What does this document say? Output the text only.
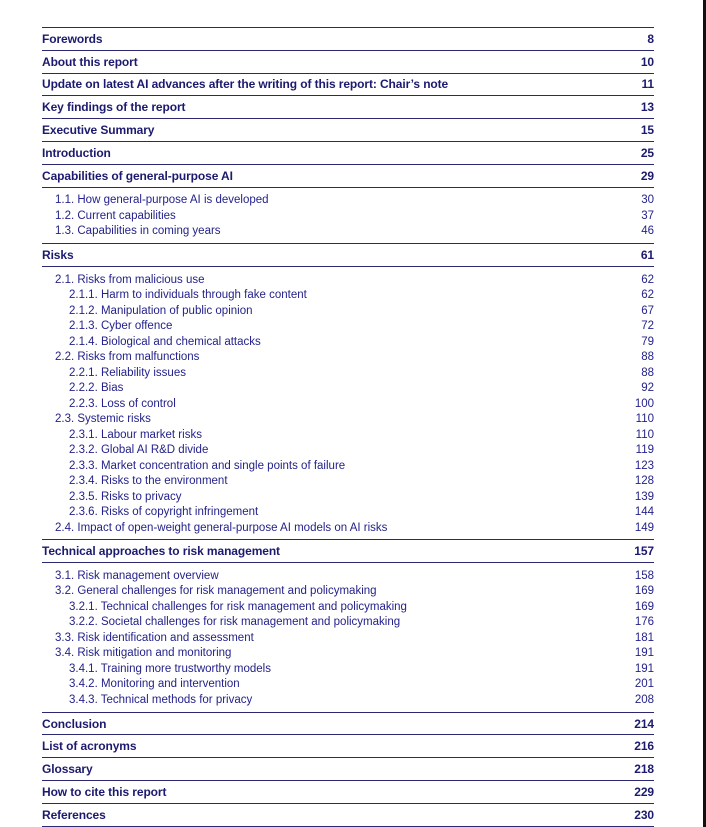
Forewords	8
About this report	10
Update on latest AI advances after the writing of this report: Chair’s note	11
Key findings of the report	13
Executive Summary	15
Introduction	25
Capabilities of general-purpose AI	29
1.1. How general-purpose AI is developed	30
1.2. Current capabilities	37
1.3. Capabilities in coming years	46
Risks	61
2.1. Risks from malicious use	62
2.1.1. Harm to individuals through fake content	62
2.1.2. Manipulation of public opinion	67
2.1.3. Cyber offence	72
2.1.4. Biological and chemical attacks	79
2.2. Risks from malfunctions	88
2.2.1. Reliability issues	88
2.2.2. Bias	92
2.2.3. Loss of control	100
2.3. Systemic risks	110
2.3.1. Labour market risks	110
2.3.2. Global AI R&D divide	119
2.3.3. Market concentration and single points of failure	123
2.3.4. Risks to the environment	128
2.3.5. Risks to privacy	139
2.3.6. Risks of copyright infringement	144
2.4. Impact of open-weight general-purpose AI models on AI risks	149
Technical approaches to risk management	157
3.1. Risk management overview	158
3.2. General challenges for risk management and policymaking	169
3.2.1. Technical challenges for risk management and policymaking	169
3.2.2. Societal challenges for risk management and policymaking	176
3.3. Risk identification and assessment	181
3.4. Risk mitigation and monitoring	191
3.4.1. Training more trustworthy models	191
3.4.2. Monitoring and intervention	201
3.4.3. Technical methods for privacy	208
Conclusion	214
List of acronyms	216
Glossary	218
How to cite this report	229
References	230
